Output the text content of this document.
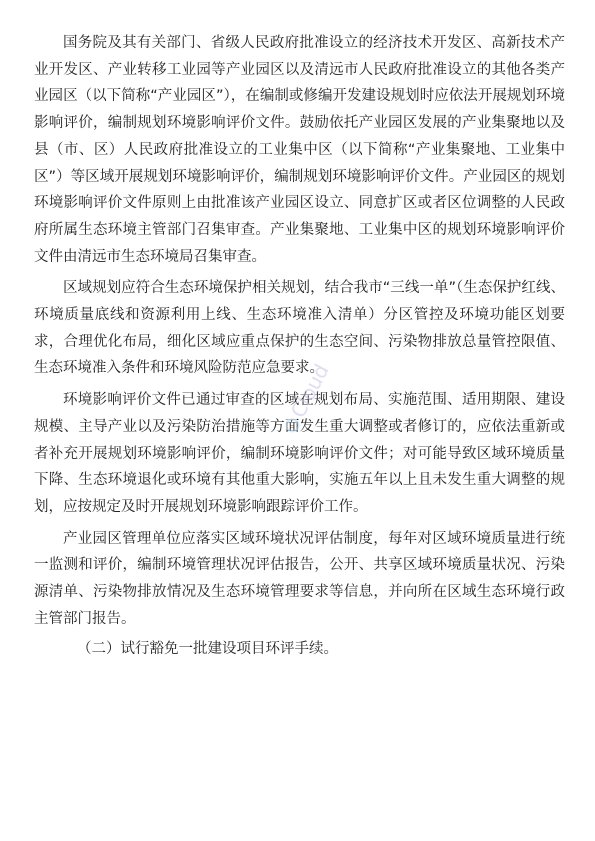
国务院及其有关部门、省级人民政府批准设立的经济技术开发区、高新技术产业开发区、产业转移工业园等产业园区以及清远市人民政府批准设立的其他各类产业园区（以下简称“产业园区”），在编制或修编开发建设规划时应依法开展规划环境影响评价，编制规划环境影响评价文件。鼓励依托产业园区发展的产业集聚地以及县（市、区）人民政府批准设立的工业集中区（以下简称“产业集聚地、工业集中区”）等区域开展规划环境影响评价，编制规划环境影响评价文件。产业园区的规划环境影响评价文件原则上由批准该产业园区设立、同意扩区或者区位调整的人民政府所属生态环境主管部门召集审查。产业集聚地、工业集中区的规划环境影响评价文件由清远市生态环境局召集审查。

区域规划应符合生态环境保护相关规划，结合我市“三线一单”（生态保护红线、环境质量底线和资源利用上线、生态环境准入清单）分区管控及环境功能区划要求，合理优化布局，细化区域应重点保护的生态空间、污染物排放总量管控限值、生态环境准入条件和环境风险防范应急要求。

环境影响评价文件已通过审查的区域在规划布局、实施范围、适用期限、建设规模、主导产业以及污染防治措施等方面发生重大调整或者修订的，应依法重新或者补充开展规划环境影响评价，编制环境影响评价文件；对可能导致区域环境质量下降、生态环境退化或环境有其他重大影响，实施五年以上且未发生重大调整的规划，应按规定及时开展规划环境影响跟踪评价工作。

产业园区管理单位应落实区域环境状况评估制度，每年对区域环境质量进行统一监测和评价，编制环境管理状况评估报告，公开、共享区域环境质量状况、污染源清单、污染物排放情况及生态环境管理要求等信息，并向所在区域生态环境行政主管部门报告。

（二）试行豁免一批建设项目环评手续。

Cloud
